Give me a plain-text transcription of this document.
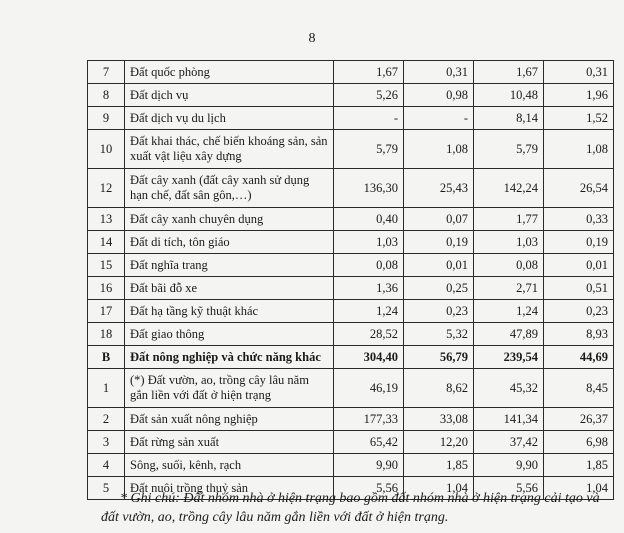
8
7	Đất quốc phòng	1,67	0,31	1,67	0,31
8	Đất dịch vụ	5,26	0,98	10,48	1,96
9	Đất dịch vụ du lịch	-	-	8,14	1,52
10	Đất khai thác, chế biến khoáng sản, sản xuất vật liệu xây dựng	5,79	1,08	5,79	1,08
12	Đất cây xanh (đất cây xanh sử dụng hạn chế, đất sân gôn,…)	136,30	25,43	142,24	26,54
13	Đất cây xanh chuyên dụng	0,40	0,07	1,77	0,33
14	Đất di tích, tôn giáo	1,03	0,19	1,03	0,19
15	Đất nghĩa trang	0,08	0,01	0,08	0,01
16	Đất bãi đỗ xe	1,36	0,25	2,71	0,51
17	Đất hạ tầng kỹ thuật khác	1,24	0,23	1,24	0,23
18	Đất giao thông	28,52	5,32	47,89	8,93
B	Đất nông nghiệp và chức năng khác	304,40	56,79	239,54	44,69
1	(*) Đất vườn, ao, trồng cây lâu năm gắn liền với đất ở hiện trạng	46,19	8,62	45,32	8,45
2	Đất sản xuất nông nghiệp	177,33	33,08	141,34	26,37
3	Đất rừng sản xuất	65,42	12,20	37,42	6,98
4	Sông, suối, kênh, rạch	9,90	1,85	9,90	1,85
5	Đất nuôi trồng thuỷ sản	5,56	1,04	5,56	1,04
* Ghi chú: Đất nhóm nhà ở hiện trạng bao gồm đất nhóm nhà ở hiện trạng cải tạo và đất vườn, ao, trồng cây lâu năm gắn liền với đất ở hiện trạng.
